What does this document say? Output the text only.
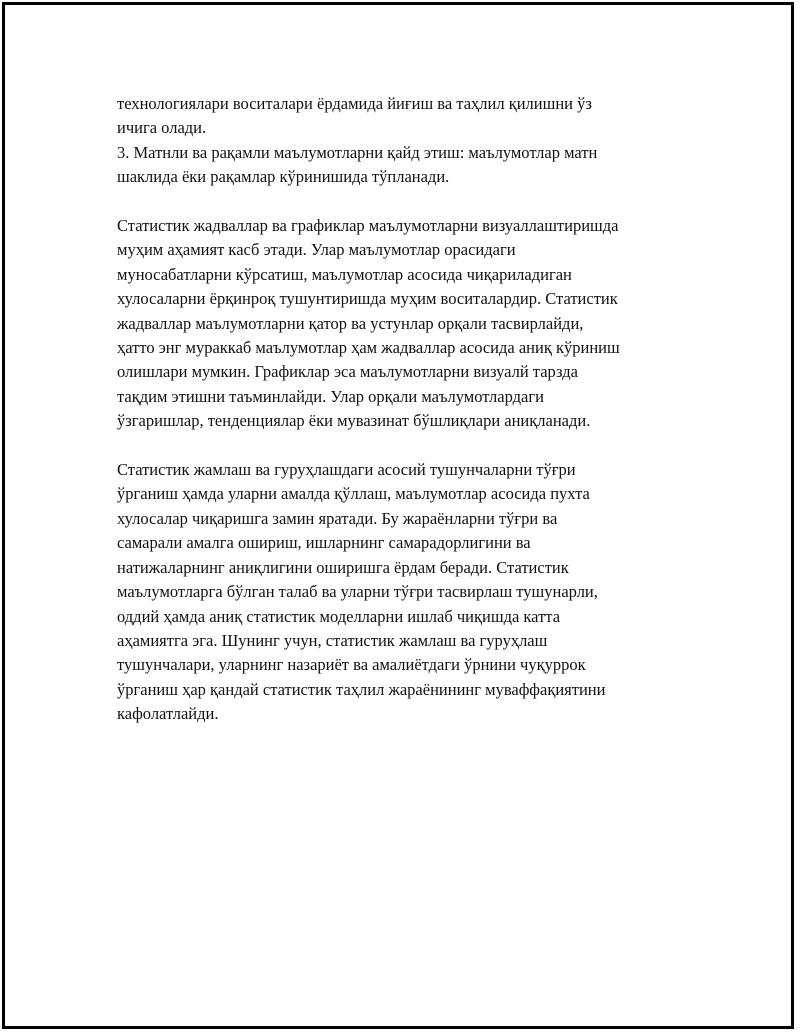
технологиялари воситалари ёрдамида йиғиш ва таҳлил қилишни ўз
ичига олади.
3. Матнли ва рақамли маълумотларни қайд этиш: маълумотлар матн
шаклида ёки рақамлар кўринишида тўпланади.

Статистик жадваллар ва графиклар маълумотларни визуаллаштиришда
муҳим аҳамият касб этади. Улар маълумотлар орасидаги
муносабатларни кўрсатиш, маълумотлар асосида чиқариладиган
хулосаларни ёрқинроқ тушунтиришда муҳим воситалардир. Статистик
жадваллар маълумотларни қатор ва устунлар орқали тасвирлайди,
ҳатто энг мураккаб маълумотлар ҳам жадваллар асосида аниқ кўриниш
олишлари мумкин. Графиклар эса маълумотларни визуалй тарзда
тақдим этишни таъминлайди. Улар орқали маълумотлардаги
ўзгаришлар, тенденциялар ёки мувазинат бўшлиқлари аниқланади.

Статистик жамлаш ва гуруҳлашдаги асосий тушунчаларни тўғри
ўрганиш ҳамда уларни амалда қўллаш, маълумотлар асосида пухта
хулосалар чиқаришга замин яратади. Бу жараёнларни тўғри ва
самарали амалга ошириш, ишларнинг самарадорлигини ва
натижаларнинг аниқлигини оширишга ёрдам беради. Статистик
маълумотларга бўлган талаб ва уларни тўғри тасвирлаш тушунарли,
оддий ҳамда аниқ статистик моделларни ишлаб чиқишда катта
аҳамиятга эга. Шунинг учун, статистик жамлаш ва гуруҳлаш
тушунчалари, уларнинг назариёт ва амалиётдаги ўрнини чуқуррок
ўрганиш ҳар қандай статистик таҳлил жараёнининг муваффақиятини
кафолатлайди.
